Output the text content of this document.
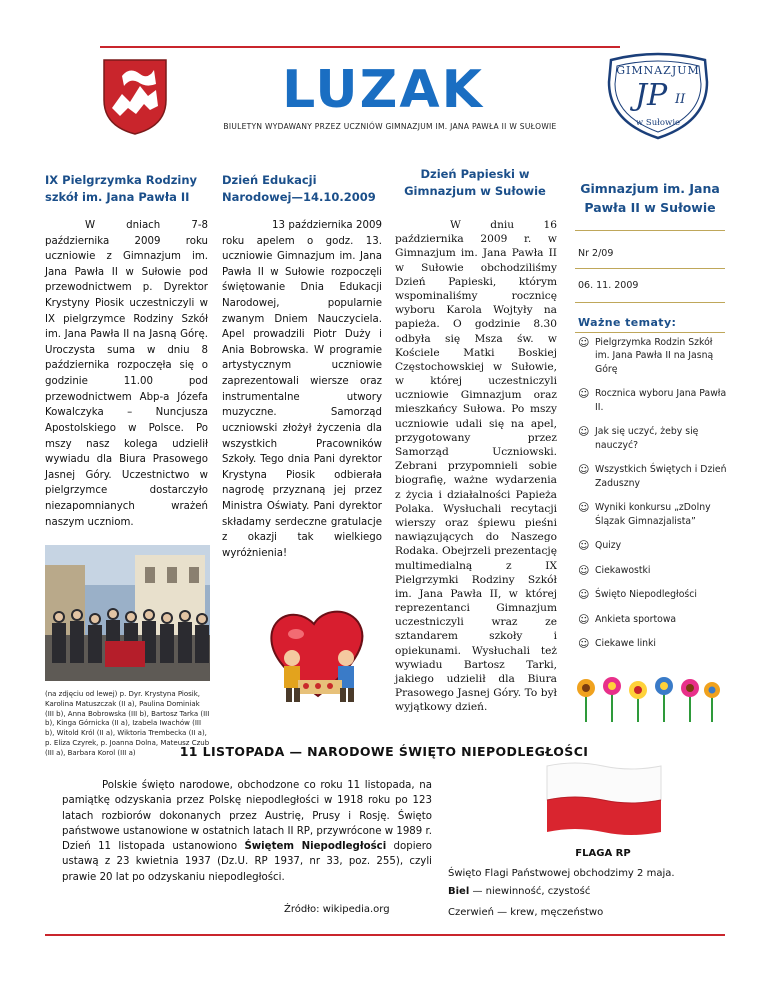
LUZAK
BIULETYN WYDAWANY PRZEZ UCZNIÓW GIMNAZJUM IM. JANA PAWŁA II W SUŁOWIE
GIMNAZJUM
JP II
w Sułowie
IX Pielgrzymka Rodziny szkół im. Jana Pawła II
W dniach 7-8 października 2009 roku uczniowie z Gimnazjum im. Jana Pawła II w Sułowie pod przewodnictwem p. Dyrektor Krystyny Piosik uczestniczyli w IX pielgrzymce Rodziny Szkół im. Jana Pawła II na Jasną Górę. Uroczysta suma w dniu 8 października rozpoczęła się o godzinie 11.00 pod przewodnictwem Abp-a Józefa Kowalczyka – Nuncjusza Apostolskiego w Polsce. Po mszy nasz kolega udzielił wywiadu dla Biura Prasowego Jasnej Góry. Uczestnictwo w pielgrzymce dostarczyło niezapomnianych wrażeń naszym uczniom.
(na zdjęciu od lewej) p. Dyr. Krystyna Piosik, Karolina Matuszczak (II a), Paulina Dominiak (III b), Anna Bobrowska (III b), Bartosz Tarka (III b), Kinga Górnicka (II a), Izabela Iwachów (III b), Witold Król (II a), Wiktoria Trembecka (II a), p. Eliza Czyrek, p. Joanna Dolna, Mateusz Czub (III a), Barbara Korol (III a)
Dzień Edukacji Narodowej—14.10.2009
13 października 2009 roku apelem o godz. 13. uczniowie Gimnazjum im. Jana Pawła II w Sułowie rozpoczęli świętowanie Dnia Edukacji Narodowej, popularnie zwanym Dniem Nauczyciela. Apel prowadzili Piotr Duży i Ania Bobrowska. W programie artystycznym uczniowie zaprezentowali wiersze oraz instrumentalne utwory muzyczne. Samorząd uczniowski złożył życzenia dla wszystkich Pracowników Szkoły. Tego dnia Pani dyrektor Krystyna Piosik odbierała nagrodę przyznaną jej przez Ministra Oświaty. Pani dyrektor składamy serdeczne gratulacje z okazji tak wielkiego wyróżnienia!
Dzień Papieski w Gimnazjum w Sułowie
W dniu 16 października 2009 r. w Gimnazjum im. Jana Pawła II w Sułowie obchodziliśmy Dzień Papieski, którym wspominaliśmy rocznicę wyboru Karola Wojtyły na papieża. O godzinie 8.30 odbyła się Msza św. w Kościele Matki Boskiej Częstochowskiej w Sułowie, w której uczestniczyli uczniowie Gimnazjum oraz mieszkańcy Sułowa. Po mszy uczniowie udali się na apel, przygotowany przez Samorząd Uczniowski. Zebrani przypomnieli sobie biografię, ważne wydarzenia z życia i działalności Papieża Polaka. Wysłuchali recytacji wierszy oraz śpiewu pieśni nawiązujących do Naszego Rodaka. Obejrzeli prezentację multimedialną z IX Pielgrzymki Rodziny Szkół im. Jana Pawła II, w której reprezentanci Gimnazjum uczestniczyli wraz ze sztandarem szkoły i opiekunami. Wysłuchali też wywiadu Bartosz Tarki, jakiego udzielił dla Biura Prasowego Jasnej Góry. To był wyjątkowy dzień.
Gimnazjum im. Jana Pawła II w Sułowie
Nr 2/09
06. 11. 2009
Ważne tematy:
☺ Pielgrzymka Rodzin Szkół im. Jana Pawła II na Jasną Górę
☺ Rocznica wyboru Jana Pawła II.
☺ Jak się uczyć, żeby się nauczyć?
☺ Wszystkich Świętych i Dzień Zaduszny
☺ Wyniki konkursu „zDolny Ślązak Gimnazjalista”
☺ Quizy
☺ Ciekawostki
☺ Święto Niepodległości
☺ Ankieta sportowa
☺ Ciekawe linki
11 LISTOPADA — NARODOWE ŚWIĘTO NIEPODLEGŁOŚCI
Polskie święto narodowe, obchodzone co roku 11 listopada, na pamiątkę odzyskania przez Polskę niepodległości w 1918 roku po 123 latach rozbiorów dokonanych przez Austrię, Prusy i Rosję. Święto państwowe ustanowione w ostatnich latach II RP, przywrócone w 1989 r. Dzień 11 listopada ustanowiono Świętem Niepodległości dopiero ustawą z 23 kwietnia 1937 (Dz.U. RP 1937, nr 33, poz. 255), czyli prawie 20 lat po odzyskaniu niepodległości.
Źródło: wikipedia.org
FLAGA RP
Święto Flagi Państwowej obchodzimy 2 maja.
Biel — niewinność, czystość
Czerwień — krew, męczeństwo
